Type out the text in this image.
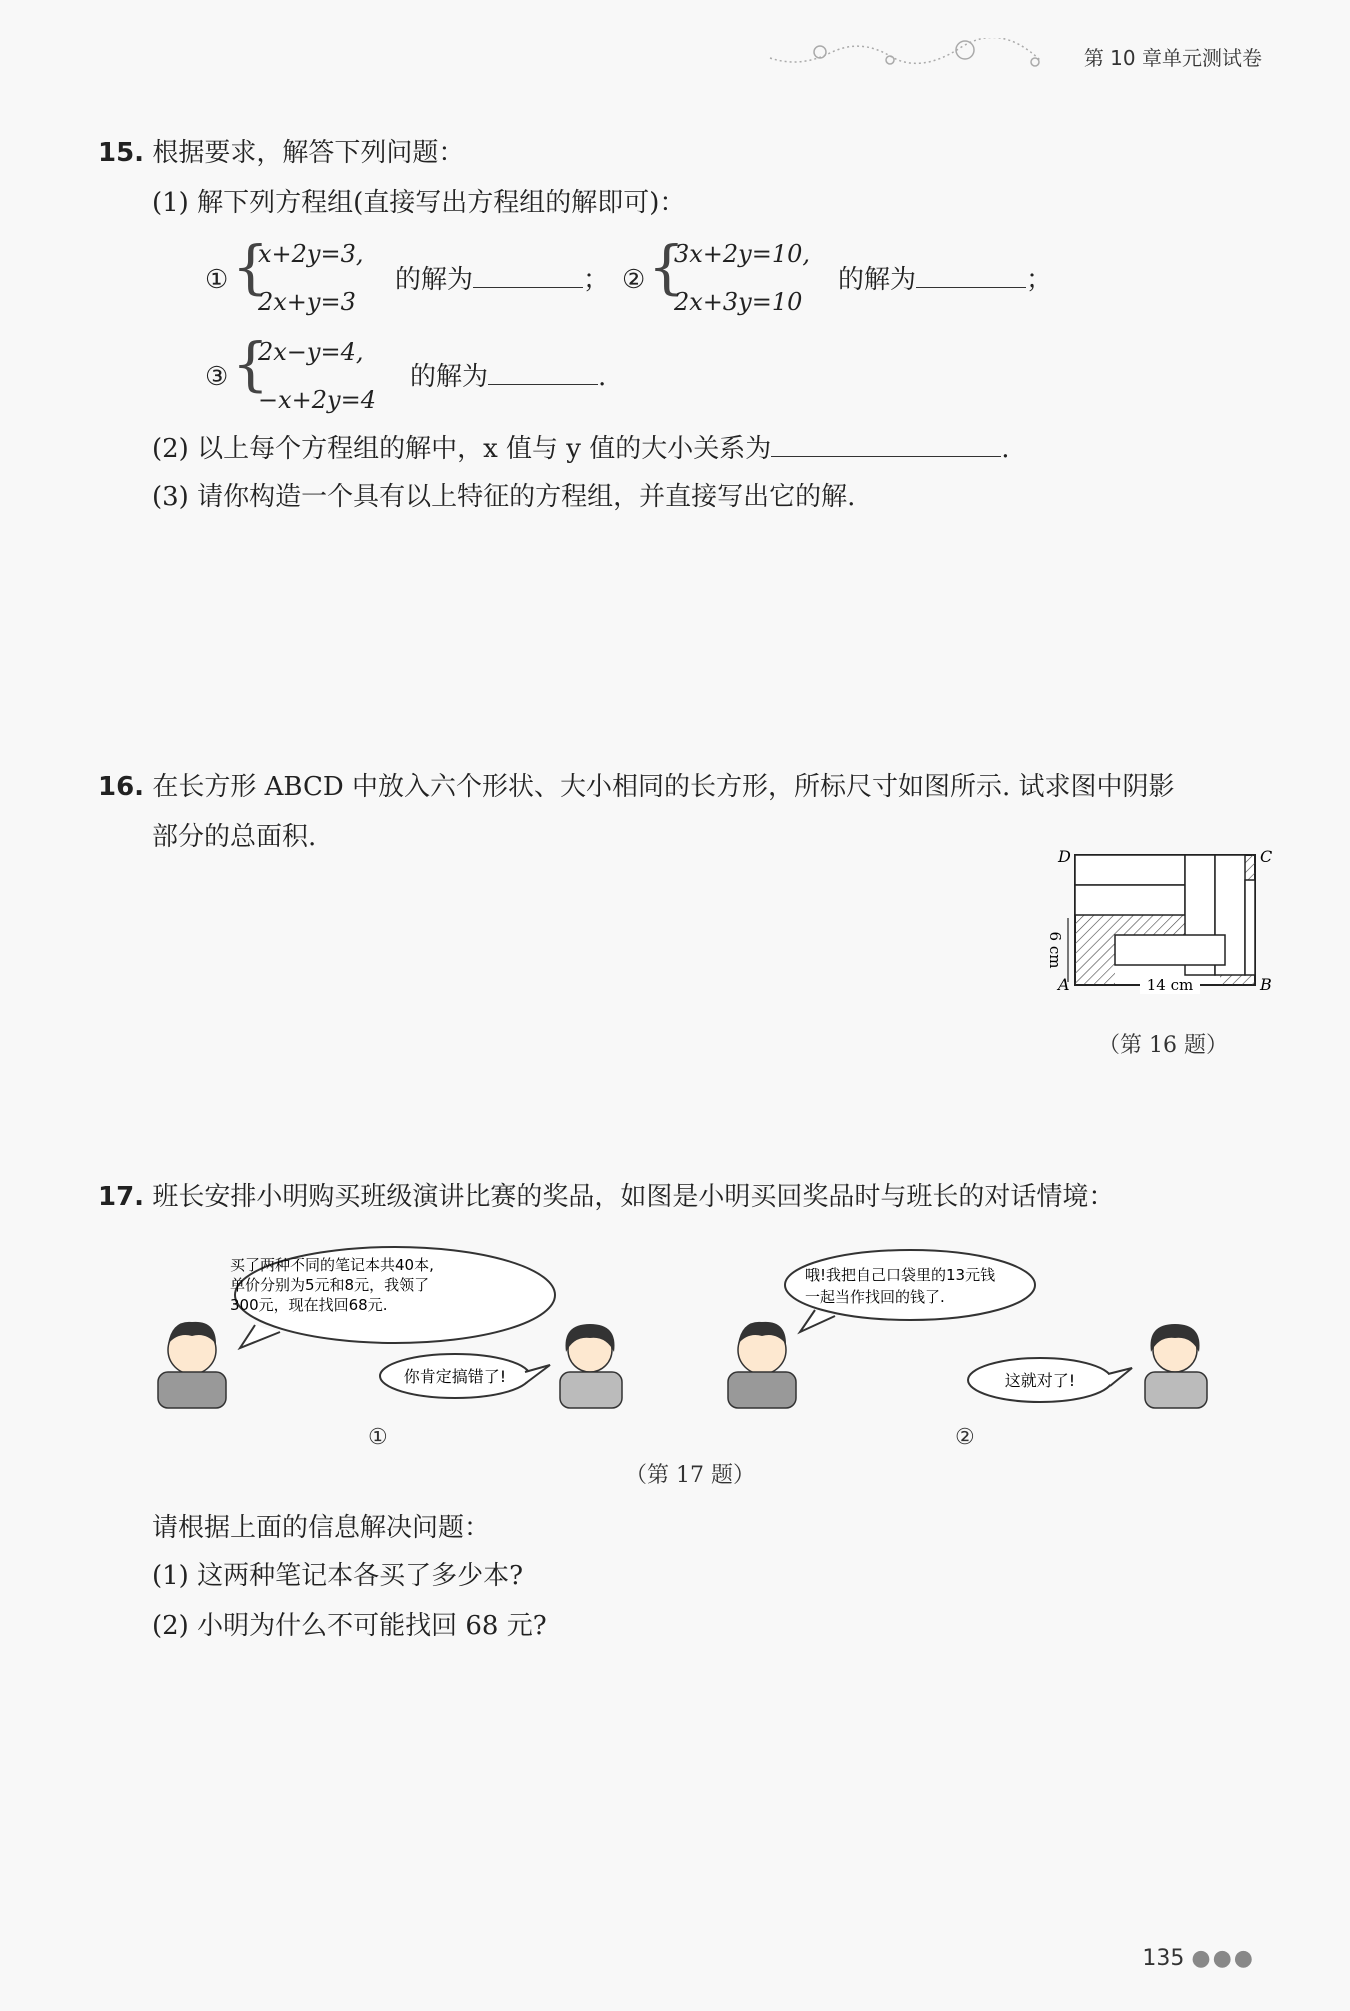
第 10 章单元测试卷
15. 根据要求，解答下列问题：
(1) 解下列方程组(直接写出方程组的解即可)：
① {
x+2y=3,
2x+y=3
的解为	； ② {
3x+2y=10,
2x+3y=10
的解为	；
③ {
2x−y=4,
−x+2y=4
的解为	.
(2) 以上每个方程组的解中，x 值与 y 值的大小关系为	.
(3) 请你构造一个具有以上特征的方程组，并直接写出它的解.
16. 在长方形 ABCD 中放入六个形状、大小相同的长方形，所标尺寸如图所示. 试求图中阴影
部分的总面积.
D	C
A	B
14 cm
6 cm
（第 16 题）
17. 班长安排小明购买班级演讲比赛的奖品，如图是小明买回奖品时与班长的对话情境：
买了两种不同的笔记本共40本,
单价分别为5元和8元，我领了
300元，现在找回68元.
你肯定搞错了!
①
哦!我把自己口袋里的13元钱
一起当作找回的钱了.
这就对了!
②
（第 17 题）
请根据上面的信息解决问题：
(1) 这两种笔记本各买了多少本?
(2) 小明为什么不可能找回 68 元?
135 ●●●
